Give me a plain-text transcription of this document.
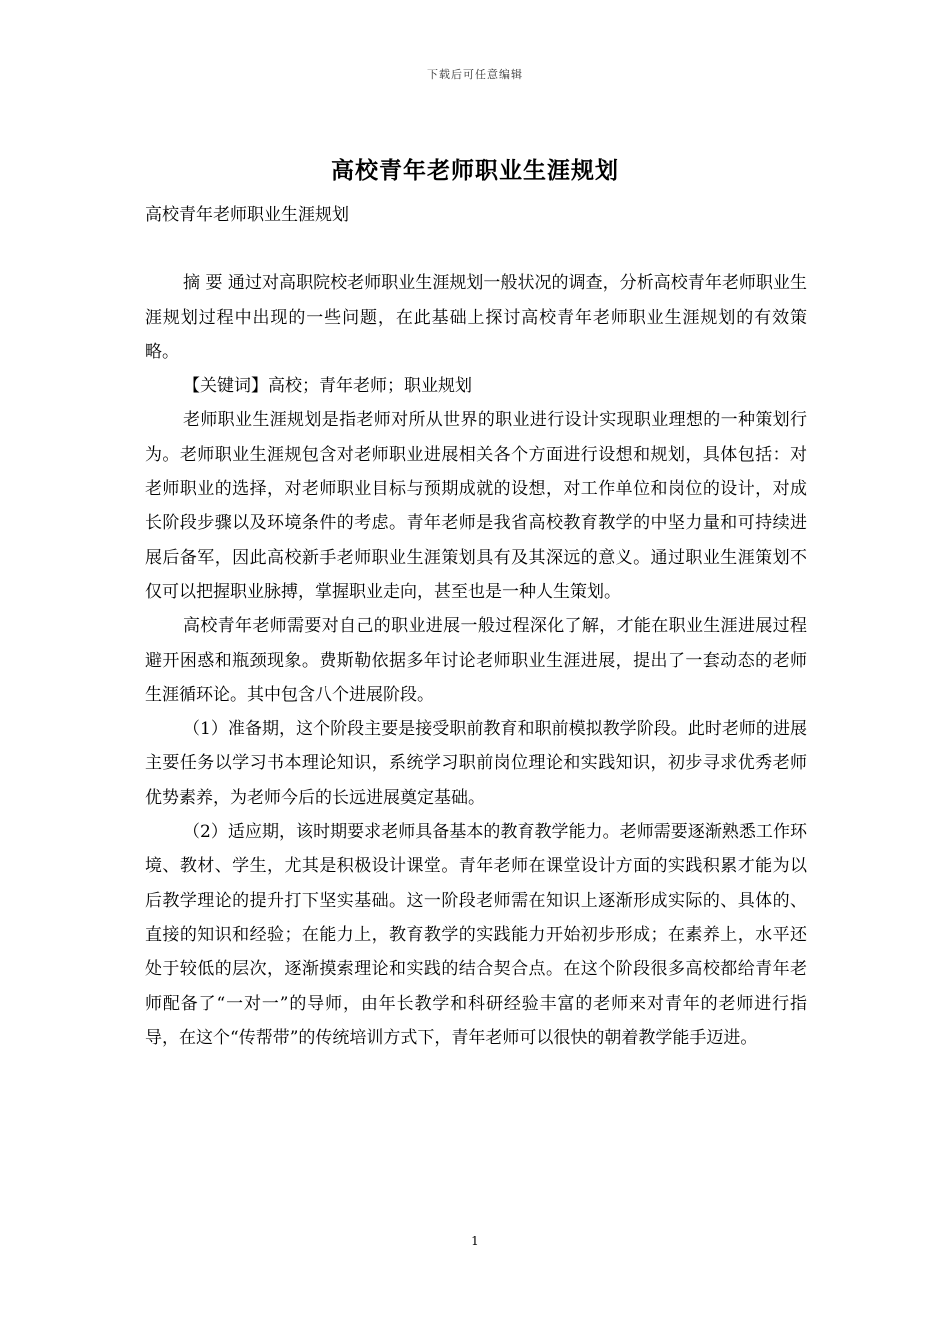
下载后可任意编辑
高校青年老师职业生涯规划

高校青年老师职业生涯规划

摘 要 通过对高职院校老师职业生涯规划一般状况的调查，分析高校青年老师职业生涯规划过程中出现的一些问题，在此基础上探讨高校青年老师职业生涯规划的有效策略。

【关键词】高校；青年老师；职业规划

老师职业生涯规划是指老师对所从世界的职业进行设计实现职业理想的一种策划行为。老师职业生涯规包含对老师职业进展相关各个方面进行设想和规划，具体包括：对老师职业的选择，对老师职业目标与预期成就的设想，对工作单位和岗位的设计，对成长阶段步骤以及环境条件的考虑。青年老师是我省高校教育教学的中坚力量和可持续进展后备军，因此高校新手老师职业生涯策划具有及其深远的意义。通过职业生涯策划不仅可以把握职业脉搏，掌握职业走向，甚至也是一种人生策划。

高校青年老师需要对自己的职业进展一般过程深化了解，才能在职业生涯进展过程避开困惑和瓶颈现象。费斯勒依据多年讨论老师职业生涯进展，提出了一套动态的老师生涯循环论。其中包含八个进展阶段。

（1）准备期，这个阶段主要是接受职前教育和职前模拟教学阶段。此时老师的进展主要任务以学习书本理论知识，系统学习职前岗位理论和实践知识，初步寻求优秀老师优势素养，为老师今后的长远进展奠定基础。

（2）适应期，该时期要求老师具备基本的教育教学能力。老师需要逐渐熟悉工作环境、教材、学生，尤其是积极设计课堂。青年老师在课堂设计方面的实践积累才能为以后教学理论的提升打下坚实基础。这一阶段老师需在知识上逐渐形成实际的、具体的、直接的知识和经验；在能力上，教育教学的实践能力开始初步形成；在素养上，水平还处于较低的层次，逐渐摸索理论和实践的结合契合点。在这个阶段很多高校都给青年老师配备了“一对一”的导师，由年长教学和科研经验丰富的老师来对青年的老师进行指导，在这个“传帮带”的传统培训方式下，青年老师可以很快的朝着教学能手迈进。

1
